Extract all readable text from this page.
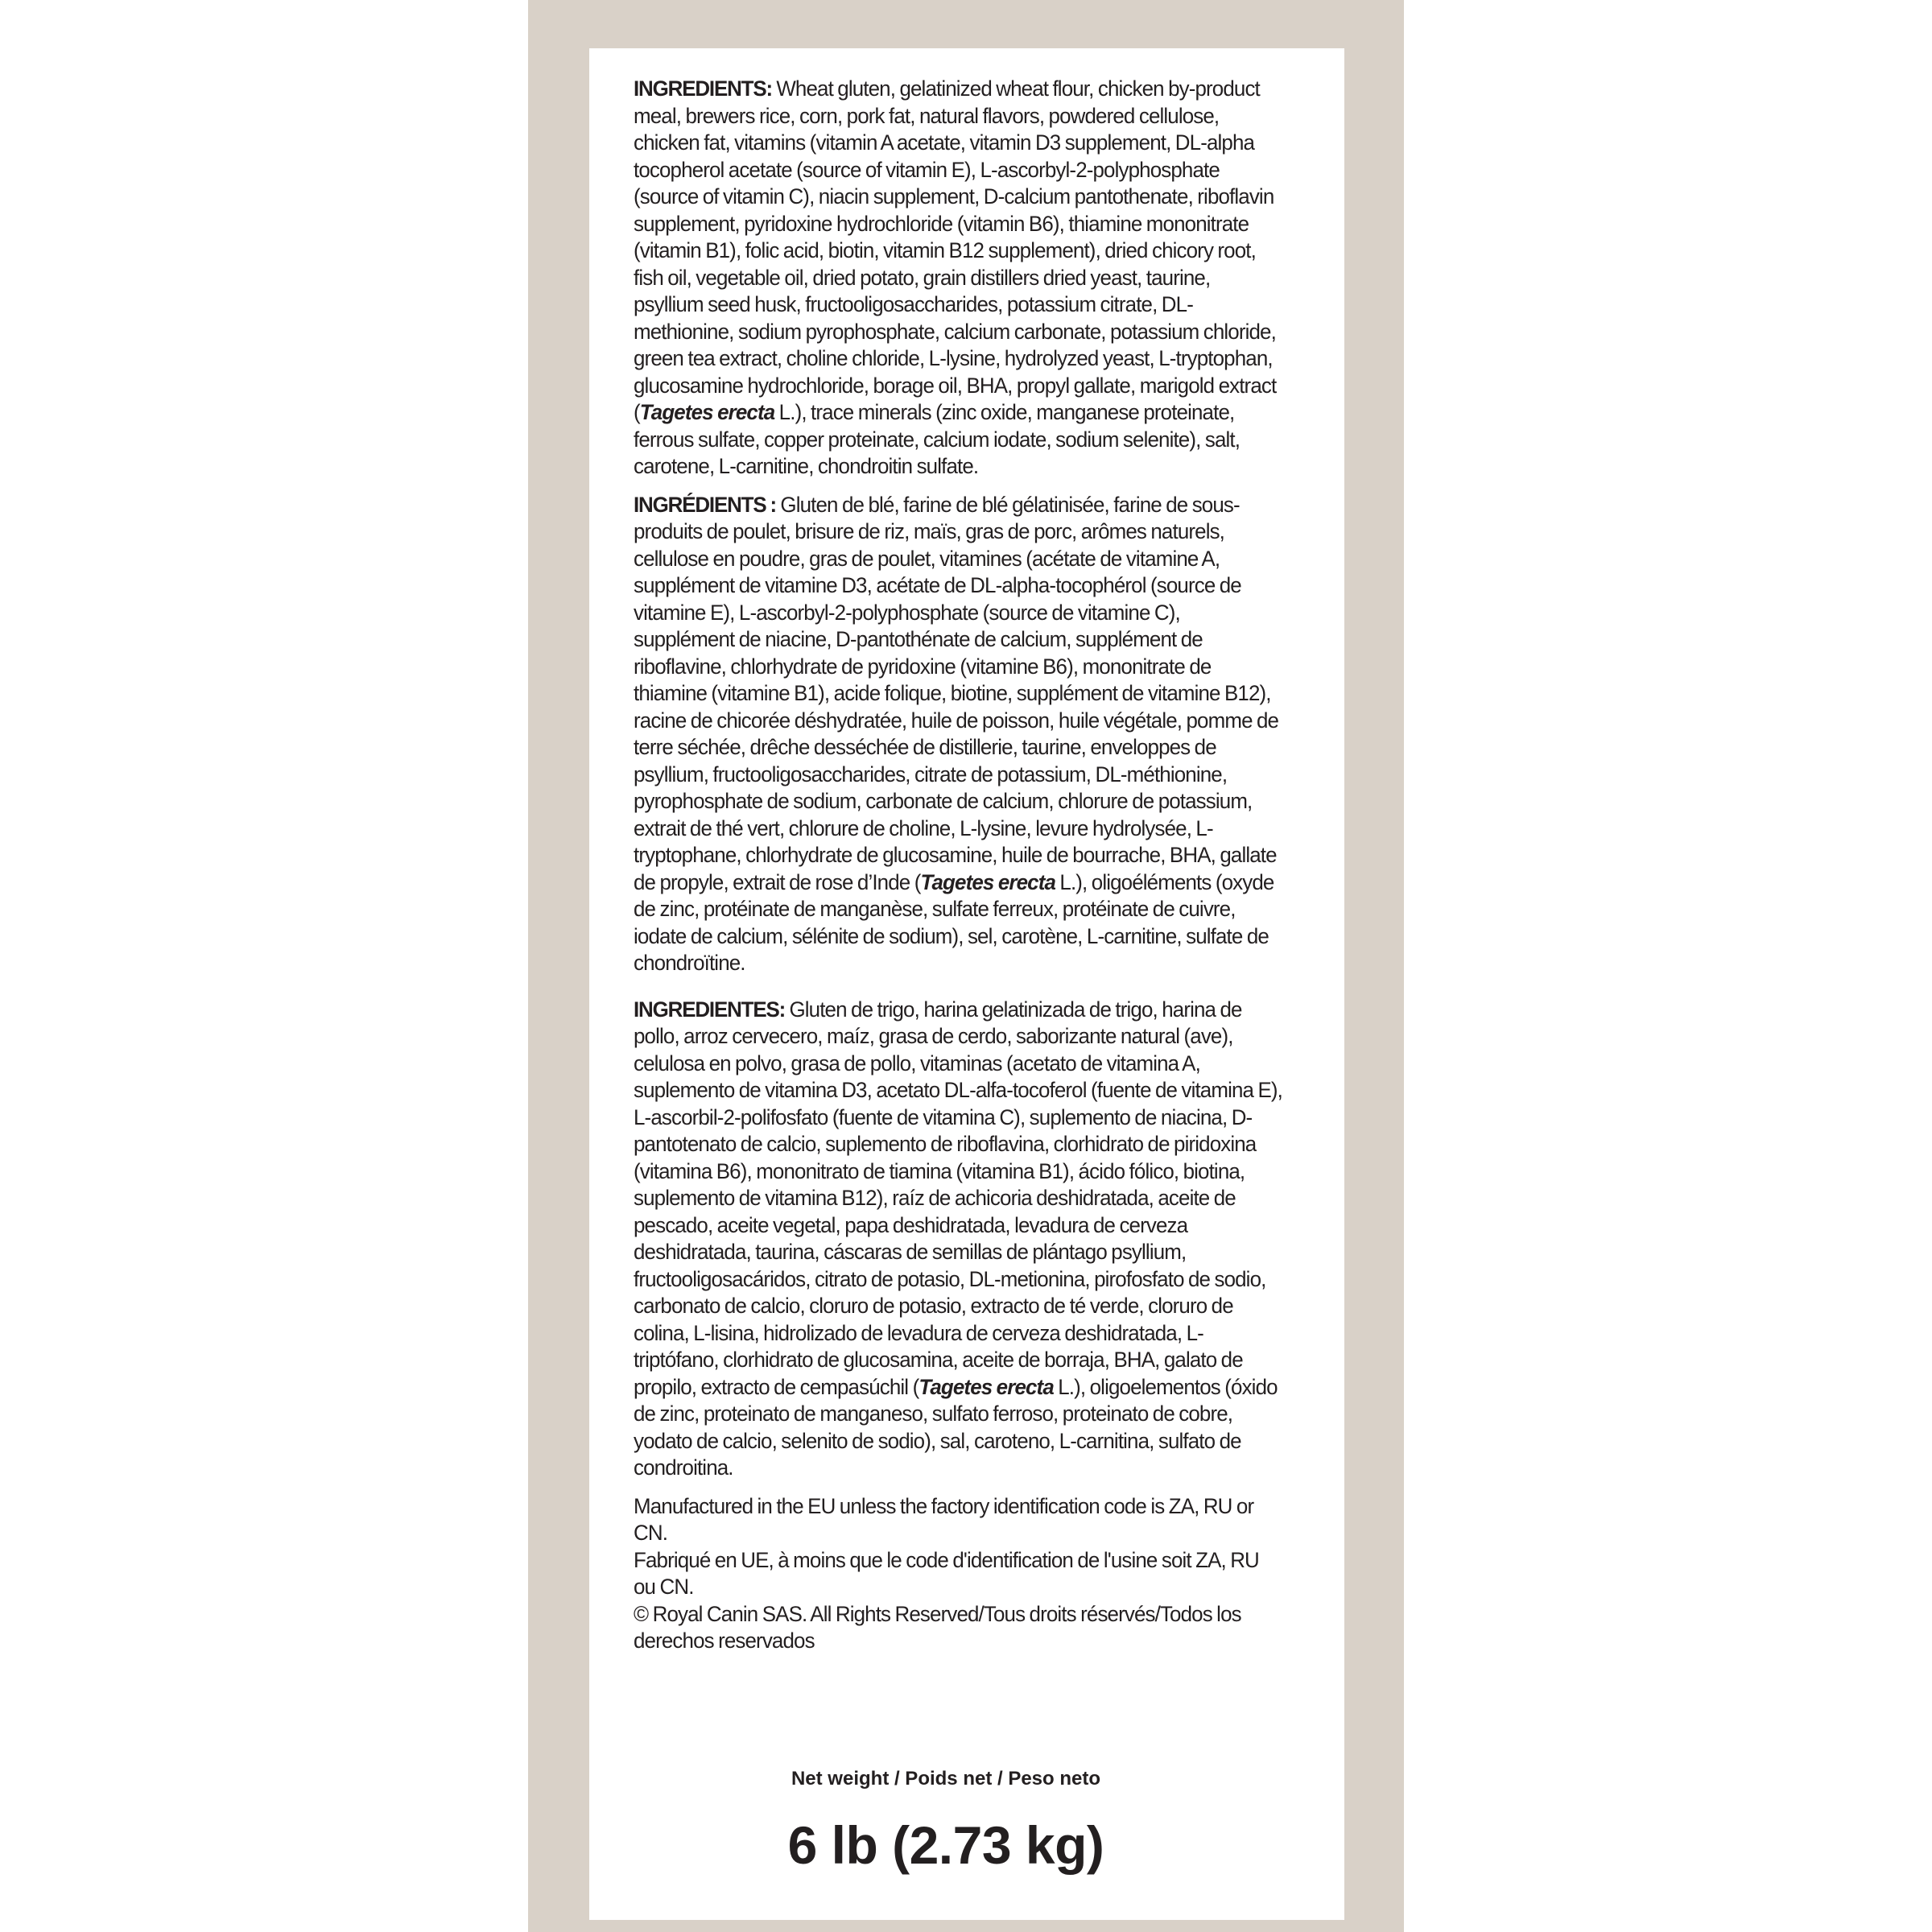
INGREDIENTS: Wheat gluten, gelatinized wheat flour, chicken by-product meal, brewers rice, corn, pork fat, natural flavors, powdered cellulose, chicken fat, vitamins (vitamin A acetate, vitamin D3 supplement, DL-alpha tocopherol acetate (source of vitamin E), L-ascorbyl-2-polyphosphate (source of vitamin C), niacin supplement, D-calcium pantothenate, riboflavin supplement, pyridoxine hydrochloride (vitamin B6), thiamine mononitrate (vitamin B1), folic acid, biotin, vitamin B12 supplement), dried chicory root, fish oil, vegetable oil, dried potato, grain distillers dried yeast, taurine, psyllium seed husk, fructooligosaccharides, potassium citrate, DL-methionine, sodium pyrophosphate, calcium carbonate, potassium chloride, green tea extract, choline chloride, L-lysine, hydrolyzed yeast, L-tryptophan, glucosamine hydrochloride, borage oil, BHA, propyl gallate, marigold extract (Tagetes erecta L.), trace minerals (zinc oxide, manganese proteinate, ferrous sulfate, copper proteinate, calcium iodate, sodium selenite), salt, carotene, L-carnitine, chondroitin sulfate.

INGRÉDIENTS : Gluten de blé, farine de blé gélatinisée, farine de sous-produits de poulet, brisure de riz, maïs, gras de porc, arômes naturels, cellulose en poudre, gras de poulet, vitamines (acétate de vitamine A, supplément de vitamine D3, acétate de DL-alpha-tocophérol (source de vitamine E), L-ascorbyl-2-polyphosphate (source de vitamine C), supplément de niacine, D-pantothénate de calcium, supplément de riboflavine, chlorhydrate de pyridoxine (vitamine B6), mononitrate de thiamine (vitamine B1), acide folique, biotine, supplément de vitamine B12), racine de chicorée déshydratée, huile de poisson, huile végétale, pomme de terre séchée, drêche desséchée de distillerie, taurine, enveloppes de psyllium, fructooligosaccharides, citrate de potassium, DL-méthionine, pyrophosphate de sodium, carbonate de calcium, chlorure de potassium, extrait de thé vert, chlorure de choline, L-lysine, levure hydrolysée, L-tryptophane, chlorhydrate de glucosamine, huile de bourrache, BHA, gallate de propyle, extrait de rose d’Inde (Tagetes erecta L.), oligoéléments (oxyde de zinc, protéinate de manganèse, sulfate ferreux, protéinate de cuivre, iodate de calcium, sélénite de sodium), sel, carotène, L-carnitine, sulfate de chondroïtine.

INGREDIENTES: Gluten de trigo, harina gelatinizada de trigo, harina de pollo, arroz cervecero, maíz, grasa de cerdo, saborizante natural (ave), celulosa en polvo, grasa de pollo, vitaminas (acetato de vitamina A, suplemento de vitamina D3, acetato DL-alfa-tocoferol (fuente de vitamina E), L-ascorbil-2-polifosfato (fuente de vitamina C), suplemento de niacina, D-pantotenato de calcio, suplemento de riboflavina, clorhidrato de piridoxina (vitamina B6), mononitrato de tiamina (vitamina B1), ácido fólico, biotina, suplemento de vitamina B12), raíz de achicoria deshidratada, aceite de pescado, aceite vegetal, papa deshidratada, levadura de cerveza deshidratada, taurina, cáscaras de semillas de plántago psyllium, fructooligosacáridos, citrato de potasio, DL-metionina, pirofosfato de sodio, carbonato de calcio, cloruro de potasio, extracto de té verde, cloruro de colina, L-lisina, hidrolizado de levadura de cerveza deshidratada, L-triptófano, clorhidrato de glucosamina, aceite de borraja, BHA, galato de propilo, extracto de cempasúchil (Tagetes erecta L.), oligoelementos (óxido de zinc, proteinato de manganeso, sulfato ferroso, proteinato de cobre, yodato de calcio, selenito de sodio), sal, caroteno, L-carnitina, sulfato de condroitina.

Manufactured in the EU unless the factory identification code is ZA, RU or CN.

Fabriqué en UE, à moins que le code d'identification de l'usine soit ZA, RU ou CN.

© Royal Canin SAS. All Rights Reserved/Tous droits réservés/Todos los derechos reservados

Net weight / Poids net / Peso neto
6 lb (2.73 kg)
